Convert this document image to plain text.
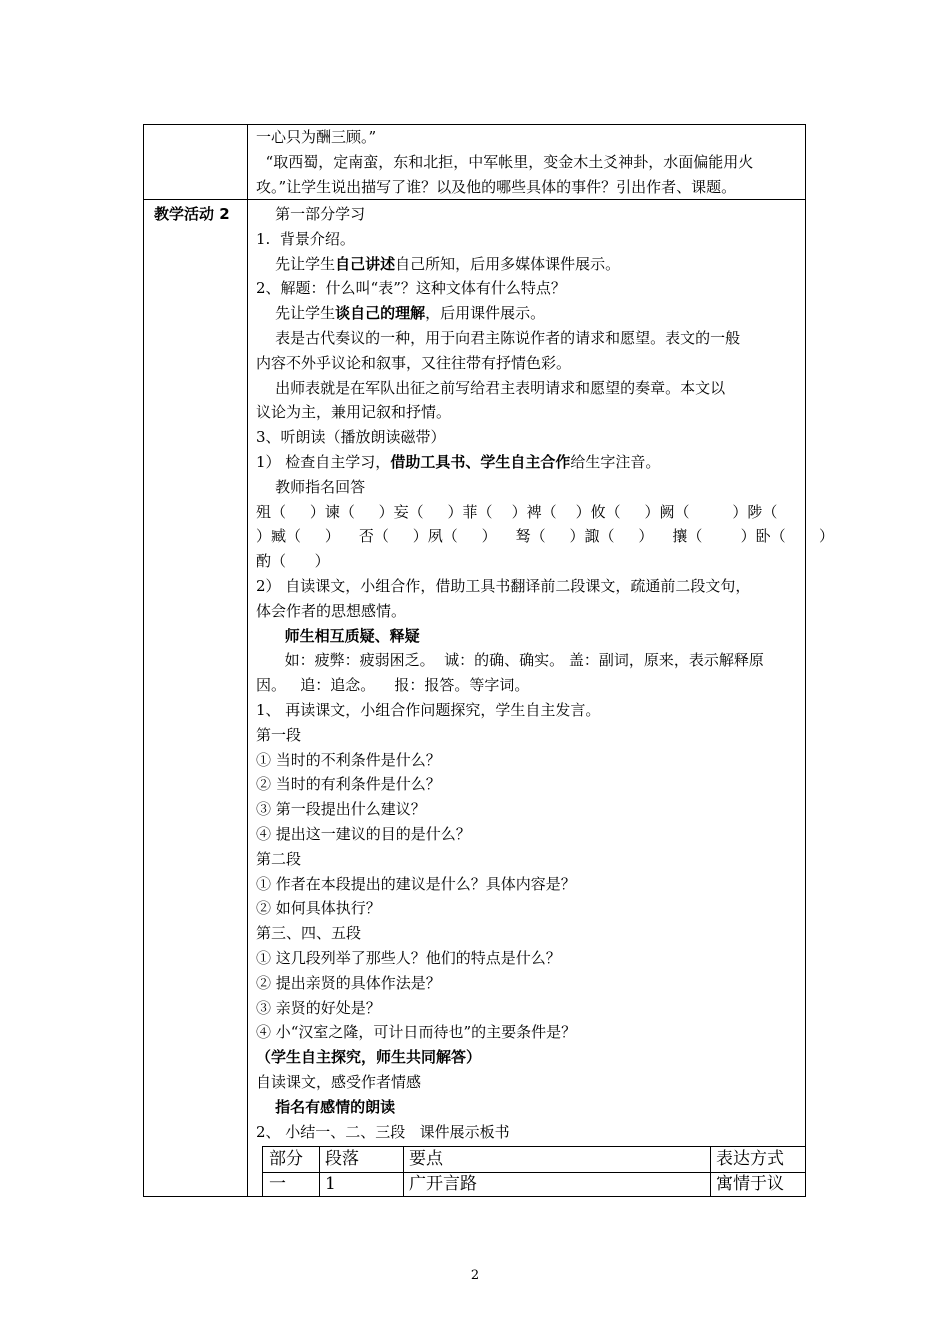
一心只为酬三顾。”
“取西蜀，定南蛮，东和北拒，中军帐里，变金木土爻神卦，水面偏能用火
攻。”让学生说出描写了谁？以及他的哪些具体的事件？引出作者、课题。
教学活动 2 第一部分学习
1.  背景介绍。
先让学生自己讲述自己所知，后用多媒体课件展示。
2、解题：什么叫“表”？这种文体有什么特点？
先让学生谈自己的理解，后用课件展示。
表是古代奏议的一种，用于向君主陈说作者的请求和愿望。表文的一般
内容不外乎议论和叙事，又往往带有抒情色彩。
出师表就是在军队出征之前写给君主表明请求和愿望的奏章。本文以
议论为主，兼用记叙和抒情。
3、听朗读（播放朗读磁带）
1） 检查自主学习，借助工具书、学生自主合作给生字注音。
教师指名回答
殂（     ）谏（     ）妄（     ）菲（    ）裨（    ）攸（     ）阙（         ）陟（
）臧（     ）    否（     ）夙（     ）    驽（     ）諏（     ）    攘（        ）卧（       ）
酌（      ）
2） 自读课文，小组合作，借助工具书翻译前二段课文，疏通前二段文句，
体会作者的思想感情。
师生相互质疑、释疑
如：疲弊：疲弱困乏。  诚：的确、确实。 盖：副词，原来，表示解释原
因。   追：追念。    报：报答。等字词。
1、 再读课文，小组合作问题探究，学生自主发言。
第一段
① 当时的不利条件是什么？
② 当时的有利条件是什么？
③ 第一段提出什么建议？
④ 提出这一建议的目的是什么？
第二段
① 作者在本段提出的建议是什么？具体内容是？
② 如何具体执行？
第三、四、五段
① 这几段列举了那些人？他们的特点是什么？
② 提出亲贤的具体作法是？
③ 亲贤的好处是？
④ 小“汉室之隆，可计日而待也”的主要条件是？
（学生自主探究，师生共同解答）
自读课文，感受作者情感
指名有感情的朗读
2、 小结一、二、三段   课件展示板书
部分	段落	要点	表达方式
一	1	广开言路	寓情于议
2
